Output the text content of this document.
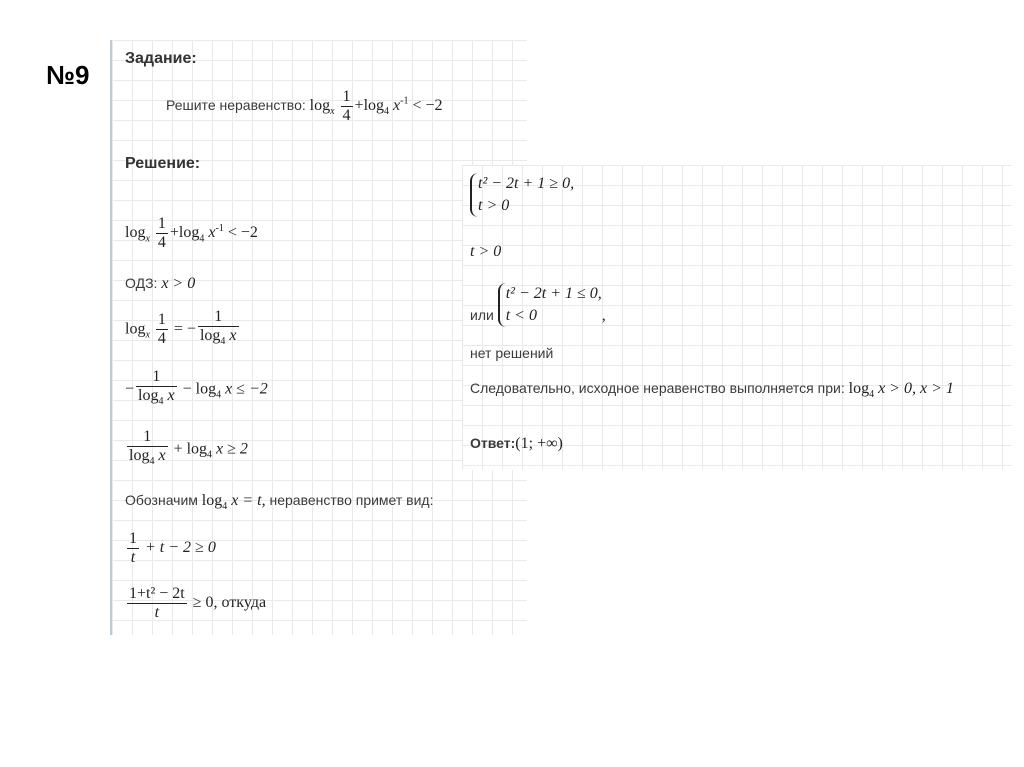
№9
Задание:
Решите неравенство: $\log_x \frac{1}{4} +\log_4$ $x^{-1} < -2$
Решение:
$\log_x \frac{1}{4} +\log_4$ $x^{-1} < -2$
ОДЗ: x > 0
$\log_x \frac{1}{4}$ = − $\frac{1}{\log_4 x}$
− $\frac{1}{\log_4 x} - \log_4 x \le -2$
$\frac{1}{\log_4 x} + \log_4 x \ge 2$
Обозначим $\log_4 x = t$, неравенство примет вид:
$\frac{1}{t} + t - 2 \ge 0$
$\frac{\text{1+t² − 2t}}{t} \ge 0$, откуда
t² − 2t + 1 ≥ 0,
t > 0
t > 0
или t² − 2t + 1 ≤ 0,
t < 0	,
нет решений
Следовательно, исходное неравенство выполняется при: $\log_4 x > 0$, x > 1
Ответ:(1; +∞)
